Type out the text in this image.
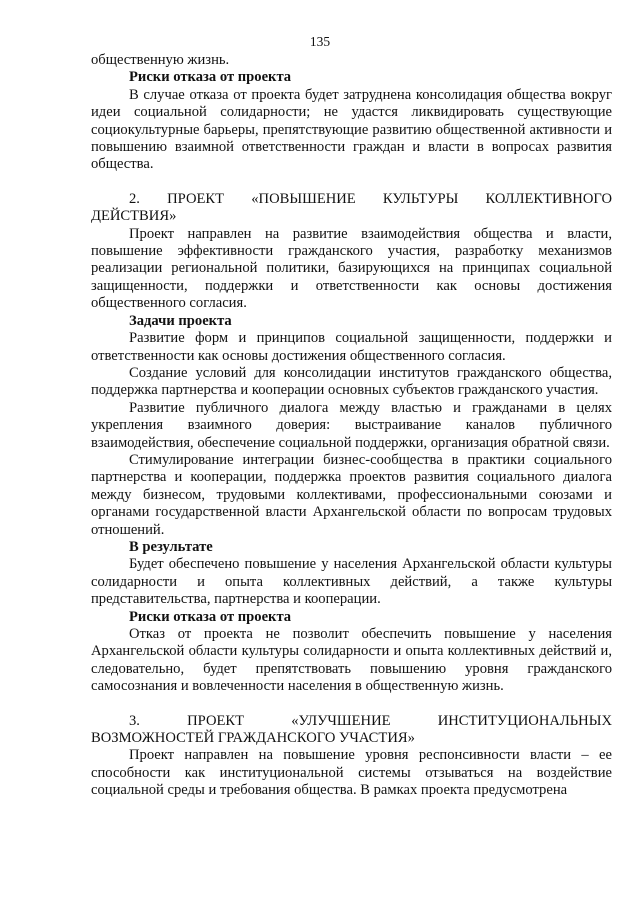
135

общественную жизнь.

Риски отказа от проекта

В случае отказа от проекта будет затруднена консолидация общества вокруг идеи социальной солидарности; не удастся ликвидировать существующие социокультурные барьеры, препятствующие развитию общественной активности и повышению взаимной ответственности граждан и власти в вопросах развития общества.

2. ПРОЕКТ «ПОВЫШЕНИЕ КУЛЬТУРЫ КОЛЛЕКТИВНОГО

ДЕЙСТВИЯ»

Проект направлен на развитие взаимодействия общества и власти, повышение эффективности гражданского участия, разработку механизмов реализации региональной политики, базирующихся на принципах социальной защищенности, поддержки и ответственности как основы достижения общественного согласия.

Задачи проекта

Развитие форм и принципов социальной защищенности, поддержки и ответственности как основы достижения общественного согласия.

Создание условий для консолидации институтов гражданского общества, поддержка партнерства и кооперации основных субъектов гражданского участия.

Развитие публичного диалога между властью и гражданами в целях укрепления взаимного доверия: выстраивание каналов публичного взаимодействия, обеспечение социальной поддержки, организация обратной связи.

Стимулирование интеграции бизнес-сообщества в практики социального партнерства и кооперации, поддержка проектов развития социального диалога между бизнесом, трудовыми коллективами, профессиональными союзами и органами государственной власти Архангельской области по вопросам трудовых отношений.

В результате

Будет обеспечено повышение у населения Архангельской области культуры солидарности и опыта коллективных действий, а также культуры представительства, партнерства и кооперации.

Риски отказа от проекта

Отказ от проекта не позволит обеспечить повышение у населения Архангельской области культуры солидарности и опыта коллективных действий и, следовательно, будет препятствовать повышению уровня гражданского самосознания и вовлеченности населения в общественную жизнь.

3. ПРОЕКТ «УЛУЧШЕНИЕ ИНСТИТУЦИОНАЛЬНЫХ

ВОЗМОЖНОСТЕЙ ГРАЖДАНСКОГО УЧАСТИЯ»

Проект направлен на повышение уровня респонсивности власти – ее способности как институциональной системы отзываться на воздействие социальной среды и требования общества. В рамках проекта предусмотрена
